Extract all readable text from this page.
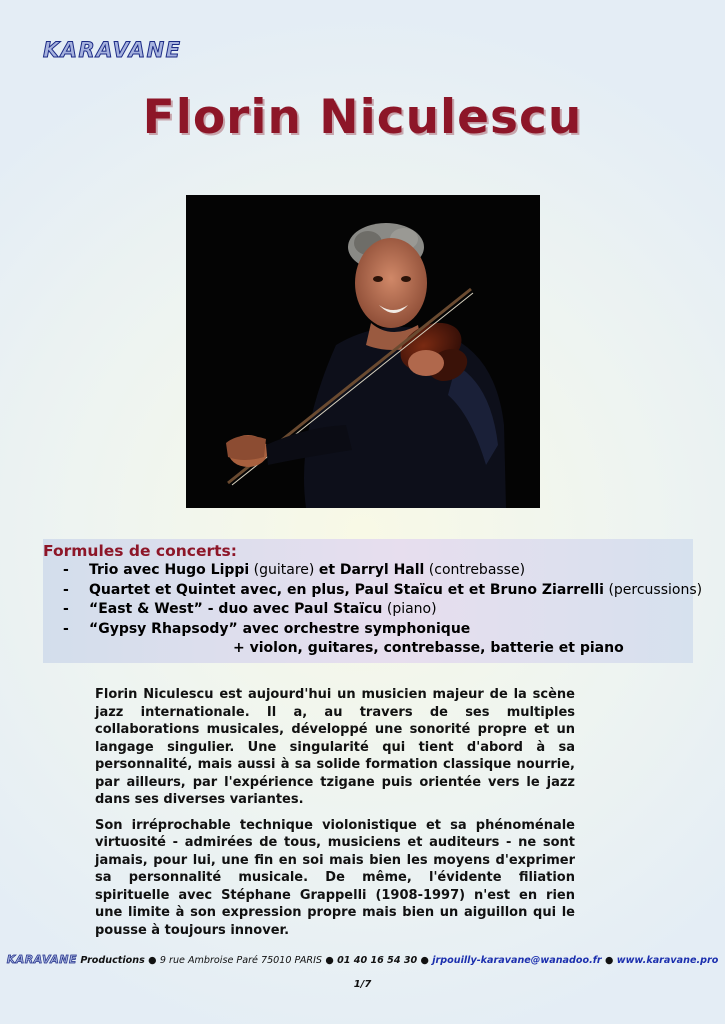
KARAVANE
Florin Niculescu
Formules de concerts:
- Trio avec Hugo Lippi (guitare) et Darryl Hall (contrebasse)
- Quartet et Quintet avec, en plus, Paul Staïcu et et Bruno Ziarrelli (percussions)
- “East & West” - duo avec Paul Staïcu (piano)
- “Gypsy Rhapsody” avec orchestre symphonique
+ violon, guitares, contrebasse, batterie et piano

Florin Niculescu est aujourd'hui un musicien majeur de la scène jazz internationale. Il a, au travers de ses multiples collaborations musicales, développé une sonorité propre et un langage singulier. Une singularité qui tient d'abord à sa personnalité, mais aussi à sa solide formation classique nourrie, par ailleurs, par l'expérience tzigane puis orientée vers le jazz dans ses diverses variantes.

Son irréprochable technique violonistique et sa phénoménale virtuosité - admirées de tous, musiciens et auditeurs - ne sont jamais, pour lui, une fin en soi mais bien les moyens d'exprimer sa personnalité musicale. De même, l'évidente filiation spirituelle avec Stéphane Grappelli (1908-1997) n'est en rien une limite à son expression propre mais bien un aiguillon qui le pousse à toujours innover.

KARAVANE Productions ● 9 rue Ambroise Paré 75010 PARIS ● 01 40 16 54 30 ● jrpouilly-karavane@wanadoo.fr ● www.karavane.pro
1/7
